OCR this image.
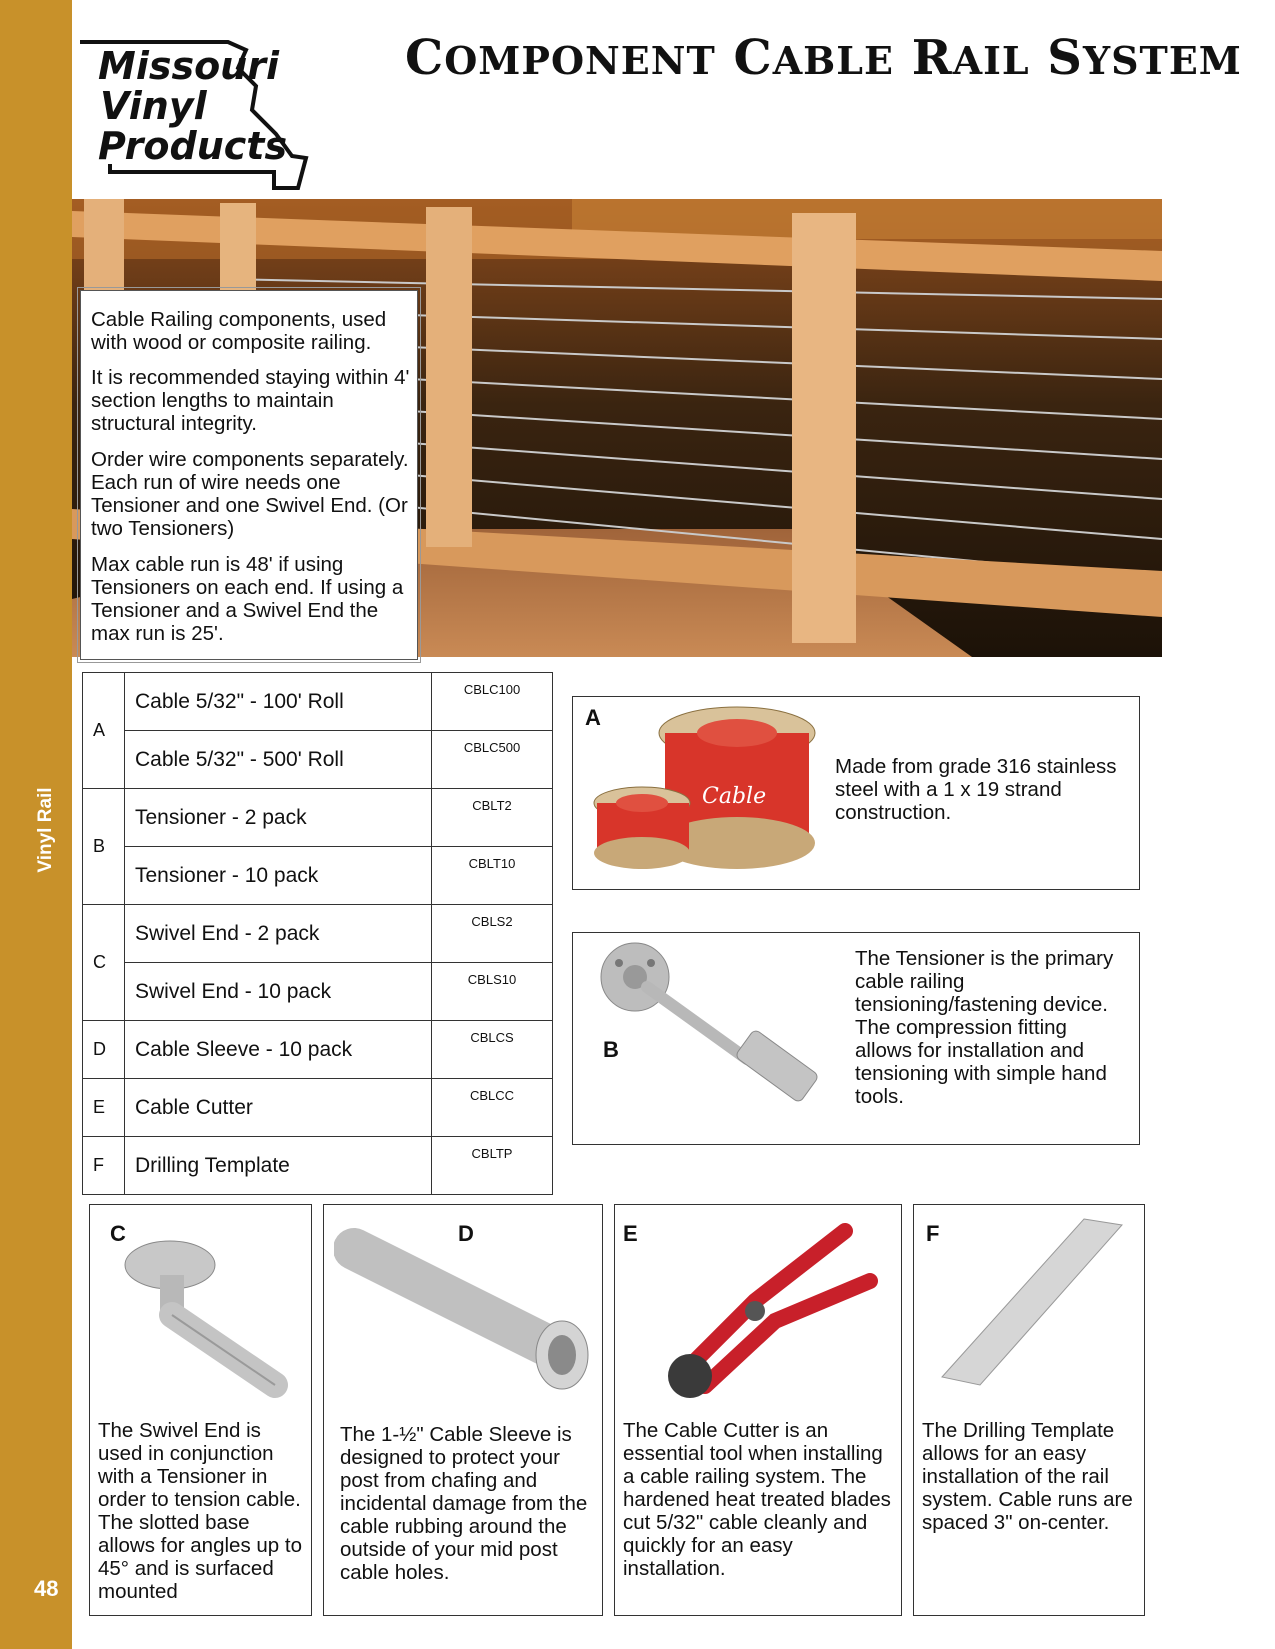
Vinyl Rail
48
Missouri
Vinyl
Products
COMPONENT CABLE RAIL SYSTEM

Cable Railing components, used with wood or composite railing.

It is recommended staying within 4' section lengths to maintain structural integrity.

Order wire components separately. Each run of wire needs one Tensioner and one Swivel End. (Or two Tensioners)

Max cable run is 48' if using Tensioners on each end. If using a Tensioner and a Swivel End the max run is 25'.

A	Cable 5/32" - 100' Roll	CBLC100
	Cable 5/32" - 500' Roll	CBLC500
B	Tensioner - 2 pack	CBLT2
	Tensioner - 10 pack	CBLT10
C	Swivel End - 2 pack	CBLS2
	Swivel End - 10 pack	CBLS10
D	Cable Sleeve - 10 pack	CBLCS
E	Cable Cutter	CBLCC
F	Drilling Template	CBLTP
A
Cable
Made from grade 316 stainless steel with a 1 x 19 strand construction.
B
The Tensioner is the primary cable railing tensioning/fastening device. The compression fitting allows for installation and tensioning with simple hand tools.
C
The Swivel End is used in conjunction with a Tensioner in order to tension cable. The slotted base allows for angles up to 45° and is surfaced mounted
D
The 1-½" Cable Sleeve is designed to protect your post from chafing and incidental damage from the cable rubbing around the outside of your mid post cable holes.
E
The Cable Cutter is an essential tool when installing a cable railing system. The hardened heat treated blades cut 5/32" cable cleanly and quickly for an easy installation.
F
The Drilling Template allows for an easy installation of the rail system. Cable runs are spaced 3" on-center.
